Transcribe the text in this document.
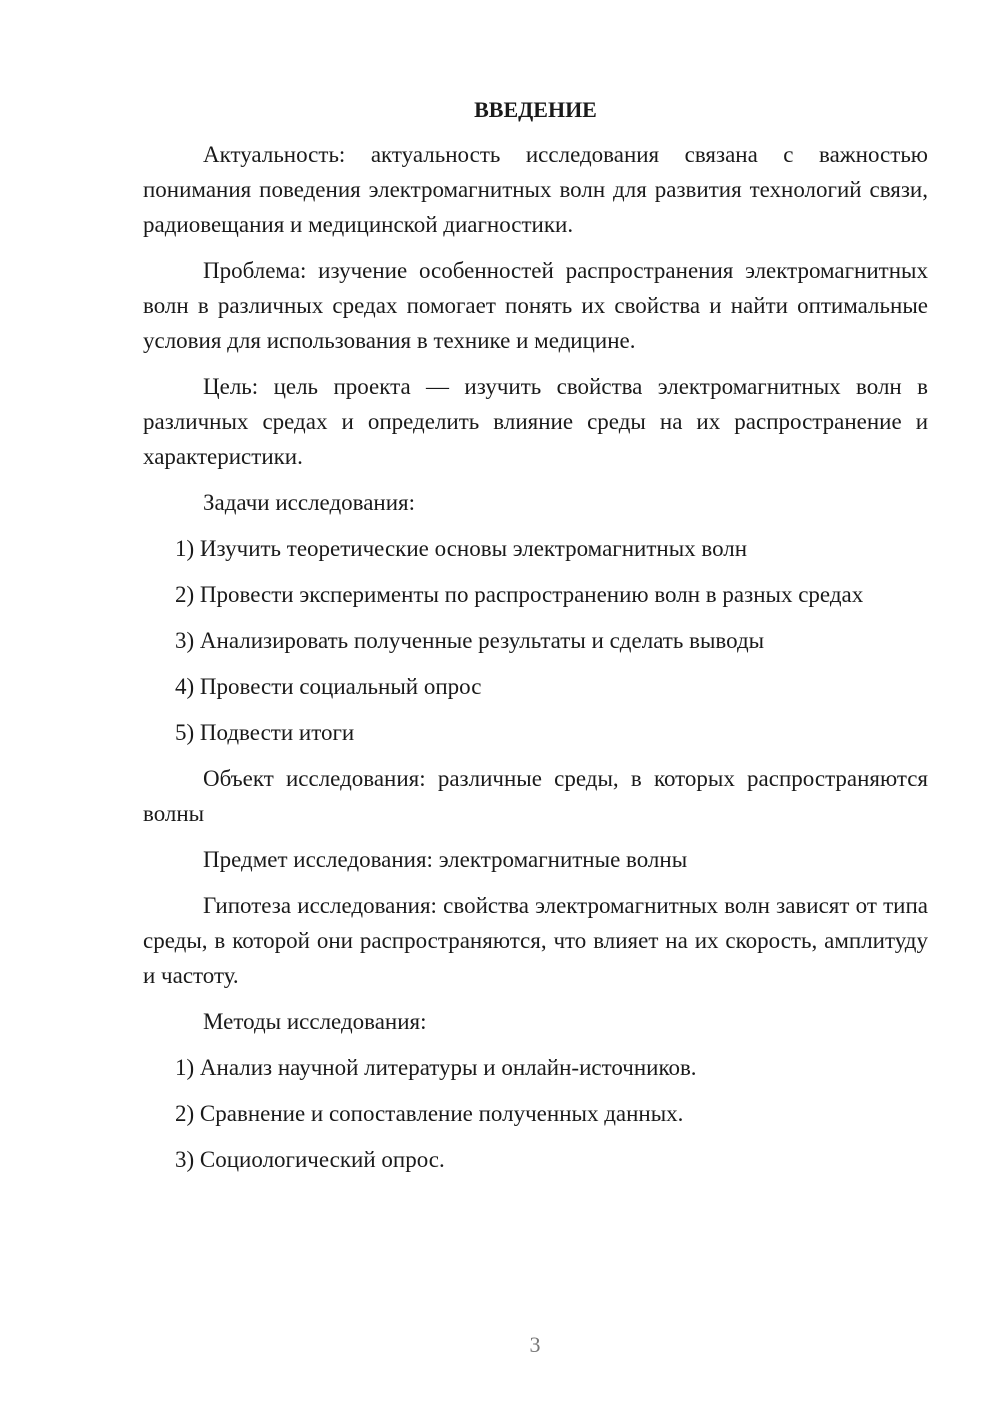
ВВЕДЕНИЕ

Актуальность: актуальность исследования связана с важностью понимания поведения электромагнитных волн для развития технологий связи, радиовещания и медицинской диагностики.

Проблема: изучение особенностей распространения электромагнитных волн в различных средах помогает понять их свойства и найти оптимальные условия для использования в технике и медицине.

Цель: цель проекта — изучить свойства электромагнитных волн в различных средах и определить влияние среды на их распространение и характеристики.

Задачи исследования:

1) Изучить теоретические основы электромагнитных волн
2) Провести эксперименты по распространению волн в разных средах
3) Анализировать полученные результаты и сделать выводы
4) Провести социальный опрос
5) Подвести итоги

Объект исследования: различные среды, в которых распространяются волны

Предмет исследования: электромагнитные волны

Гипотеза исследования: свойства электромагнитных волн зависят от типа среды, в которой они распространяются, что влияет на их скорость, амплитуду и частоту.

Методы исследования:

1) Анализ научной литературы и онлайн-источников.
2) Сравнение и сопоставление полученных данных.
3) Социологический опрос.
3
